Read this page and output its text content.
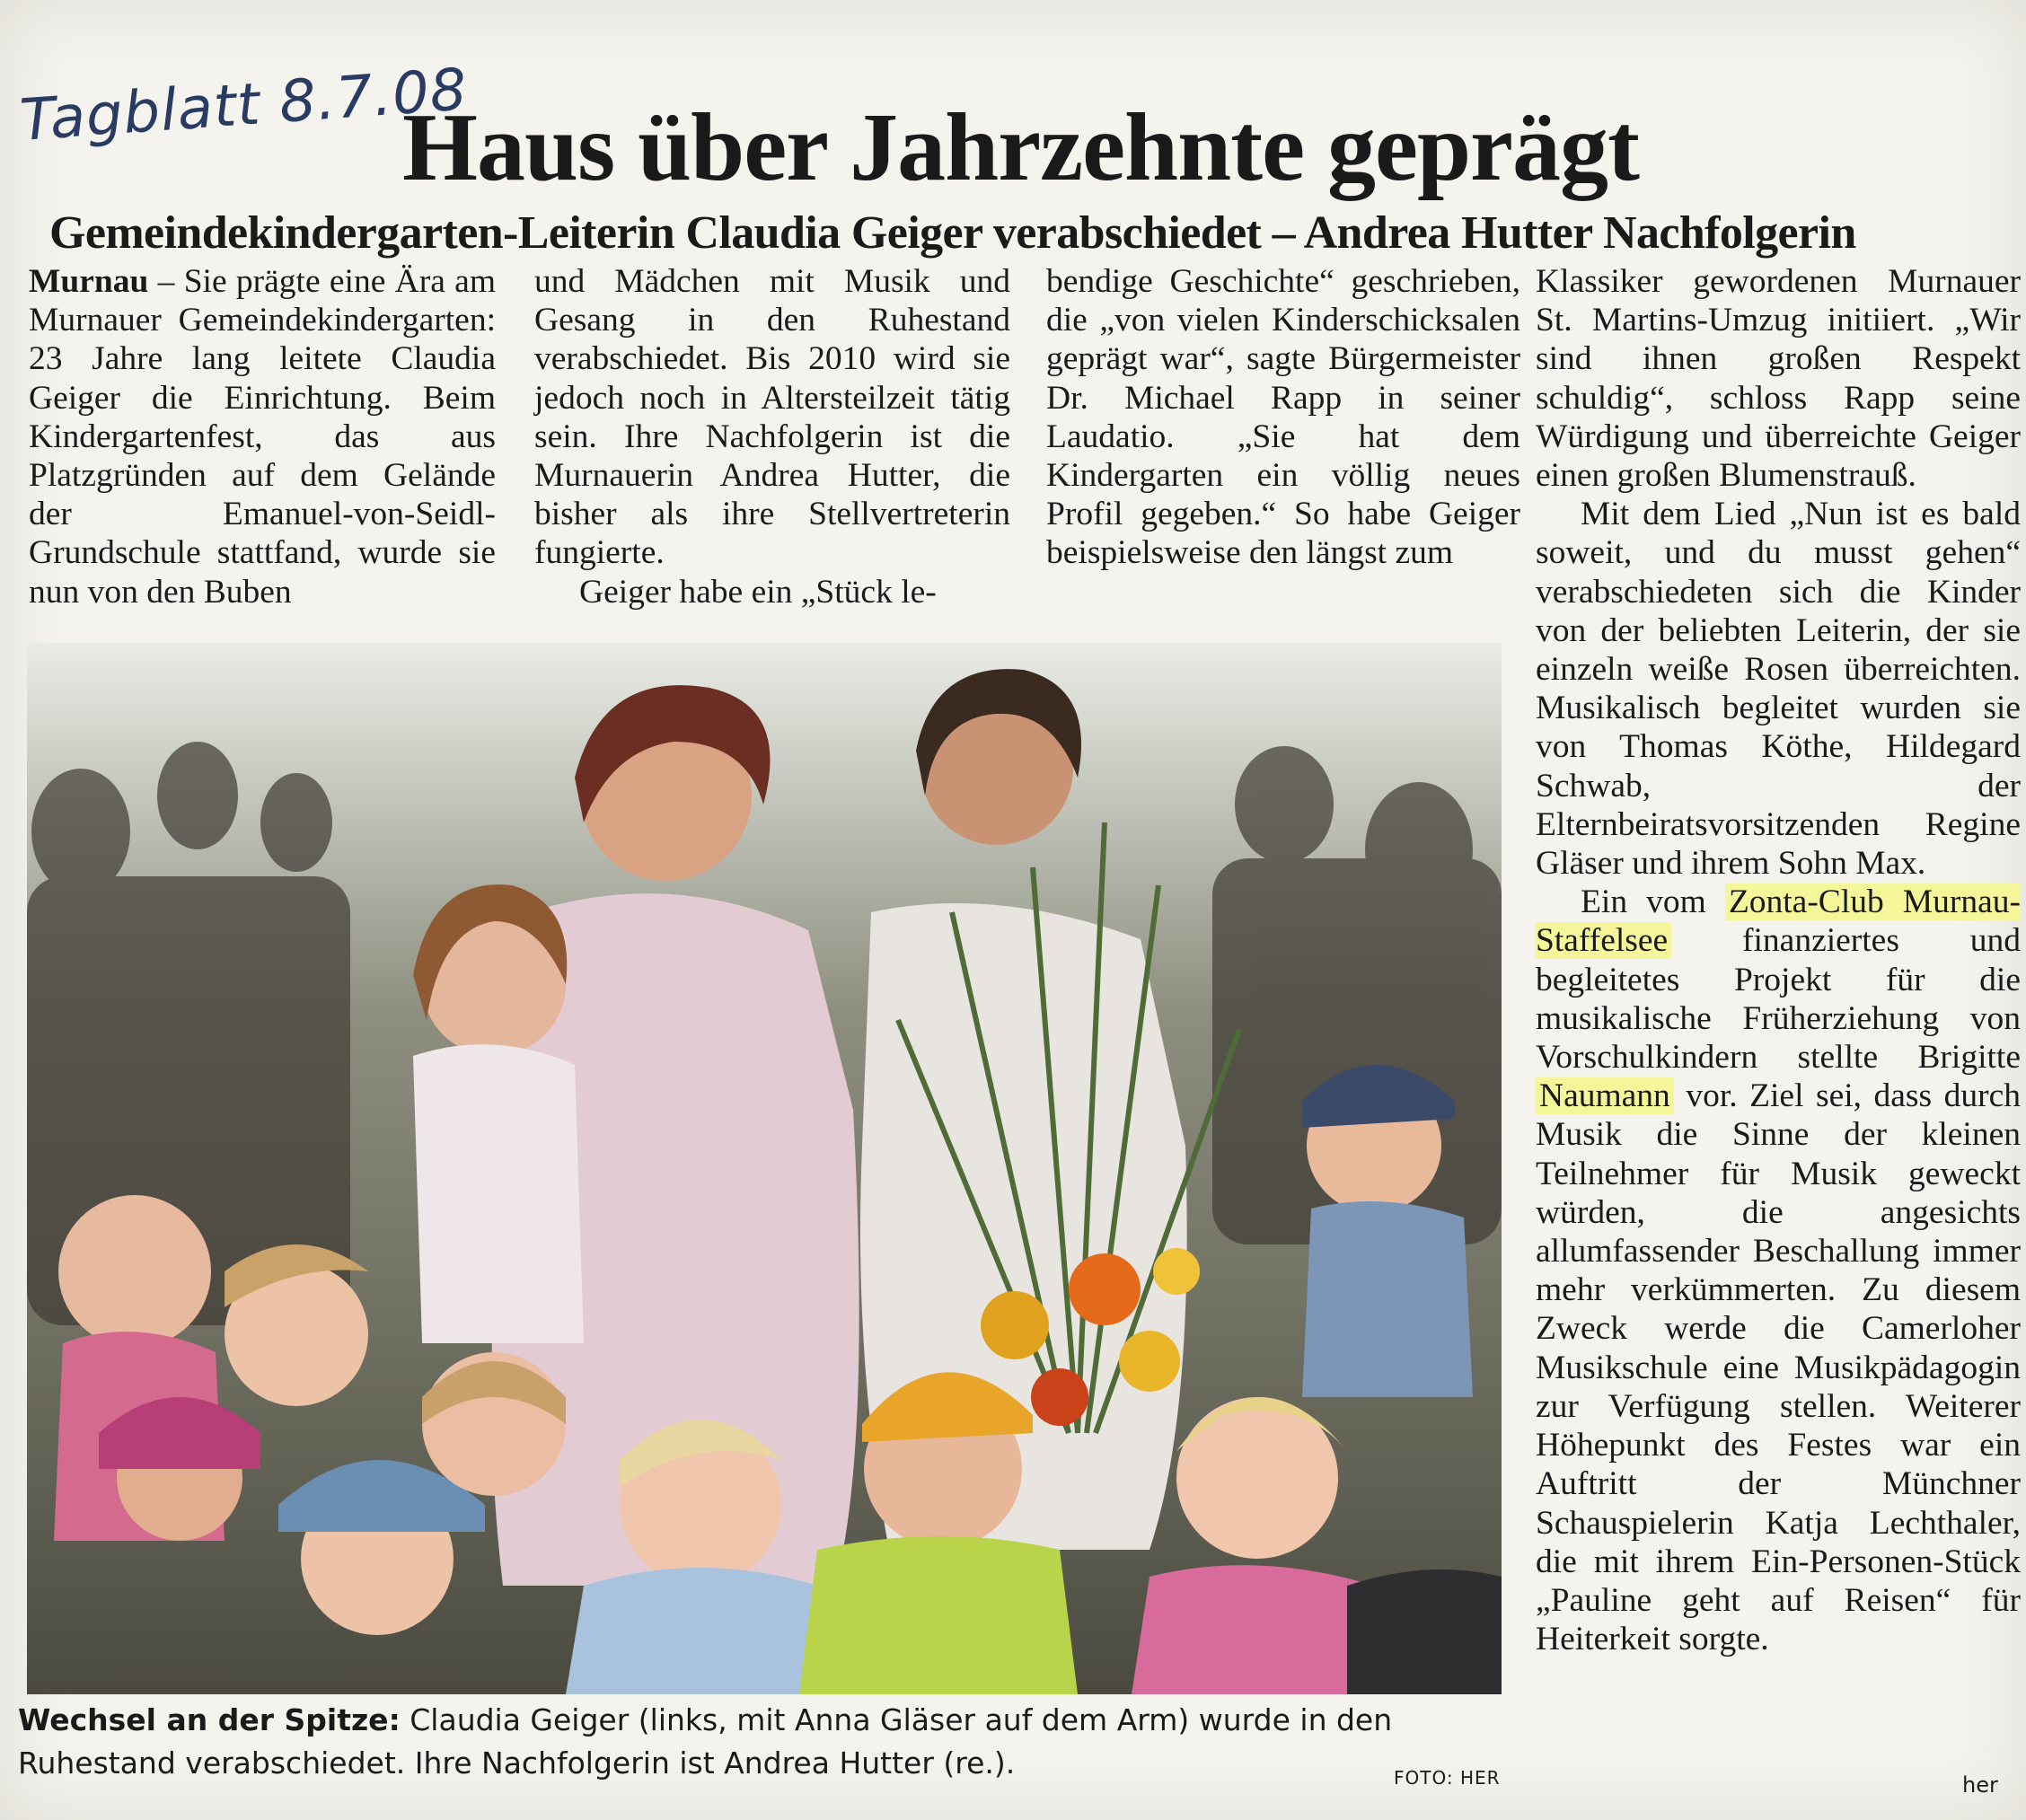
Tagblatt 8.7.08
Haus über Jahrzehnte geprägt
Gemeindekindergarten-Leiterin Claudia Geiger verabschiedet – Andrea Hutter Nachfolgerin

Murnau – Sie prägte eine Ära am Murnauer Gemeindekindergarten: 23 Jahre lang leitete Claudia Geiger die Einrichtung. Beim Kindergartenfest, das aus Platzgründen auf dem Gelände der Emanuel-von-Seidl-Grundschule stattfand, wurde sie nun von den Buben

und Mädchen mit Musik und Gesang in den Ruhestand verabschiedet. Bis 2010 wird sie jedoch noch in Altersteilzeit tätig sein. Ihre Nachfolgerin ist die Murnauerin Andrea Hutter, die bisher als ihre Stellvertreterin fungierte.

Geiger habe ein „Stück le-

bendige Geschichte“ geschrieben, die „von vielen Kinderschicksalen geprägt war“, sagte Bürgermeister Dr. Michael Rapp in seiner Laudatio. „Sie hat dem Kindergarten ein völlig neues Profil gegeben.“ So habe Geiger beispielsweise den längst zum

Klassiker gewordenen Murnauer St. Martins-Umzug initiiert. „Wir sind ihnen großen Respekt schuldig“, schloss Rapp seine Würdigung und überreichte Geiger einen großen Blumenstrauß.

Mit dem Lied „Nun ist es bald soweit, und du musst gehen“ verabschiedeten sich die Kinder von der beliebten Leiterin, der sie einzeln weiße Rosen überreichten. Musikalisch begleitet wurden sie von Thomas Köthe, Hildegard Schwab, der Elternbeiratsvorsitzenden Regine Gläser und ihrem Sohn Max.

Ein vom Zonta-Club Murnau-Staffelsee finanziertes und begleitetes Projekt für die musikalische Früherziehung von Vorschulkindern stellte Brigitte Naumann vor. Ziel sei, dass durch Musik die Sinne der kleinen Teilnehmer für Musik geweckt würden, die angesichts allumfassender Beschallung immer mehr verkümmerten. Zu diesem Zweck werde die Camerloher Musikschule eine Musikpädagogin zur Verfügung stellen. Weiterer Höhepunkt des Festes war ein Auftritt der Münchner Schauspielerin Katja Lechthaler, die mit ihrem Ein-Personen-Stück „Pauline geht auf Reisen“ für Heiterkeit sorgte.

Wechsel an der Spitze: Claudia Geiger (links, mit Anna Gläser auf dem Arm) wurde in den Ruhestand verabschiedet. Ihre Nachfolgerin ist Andrea Hutter (re.).	FOTO: HER	her
